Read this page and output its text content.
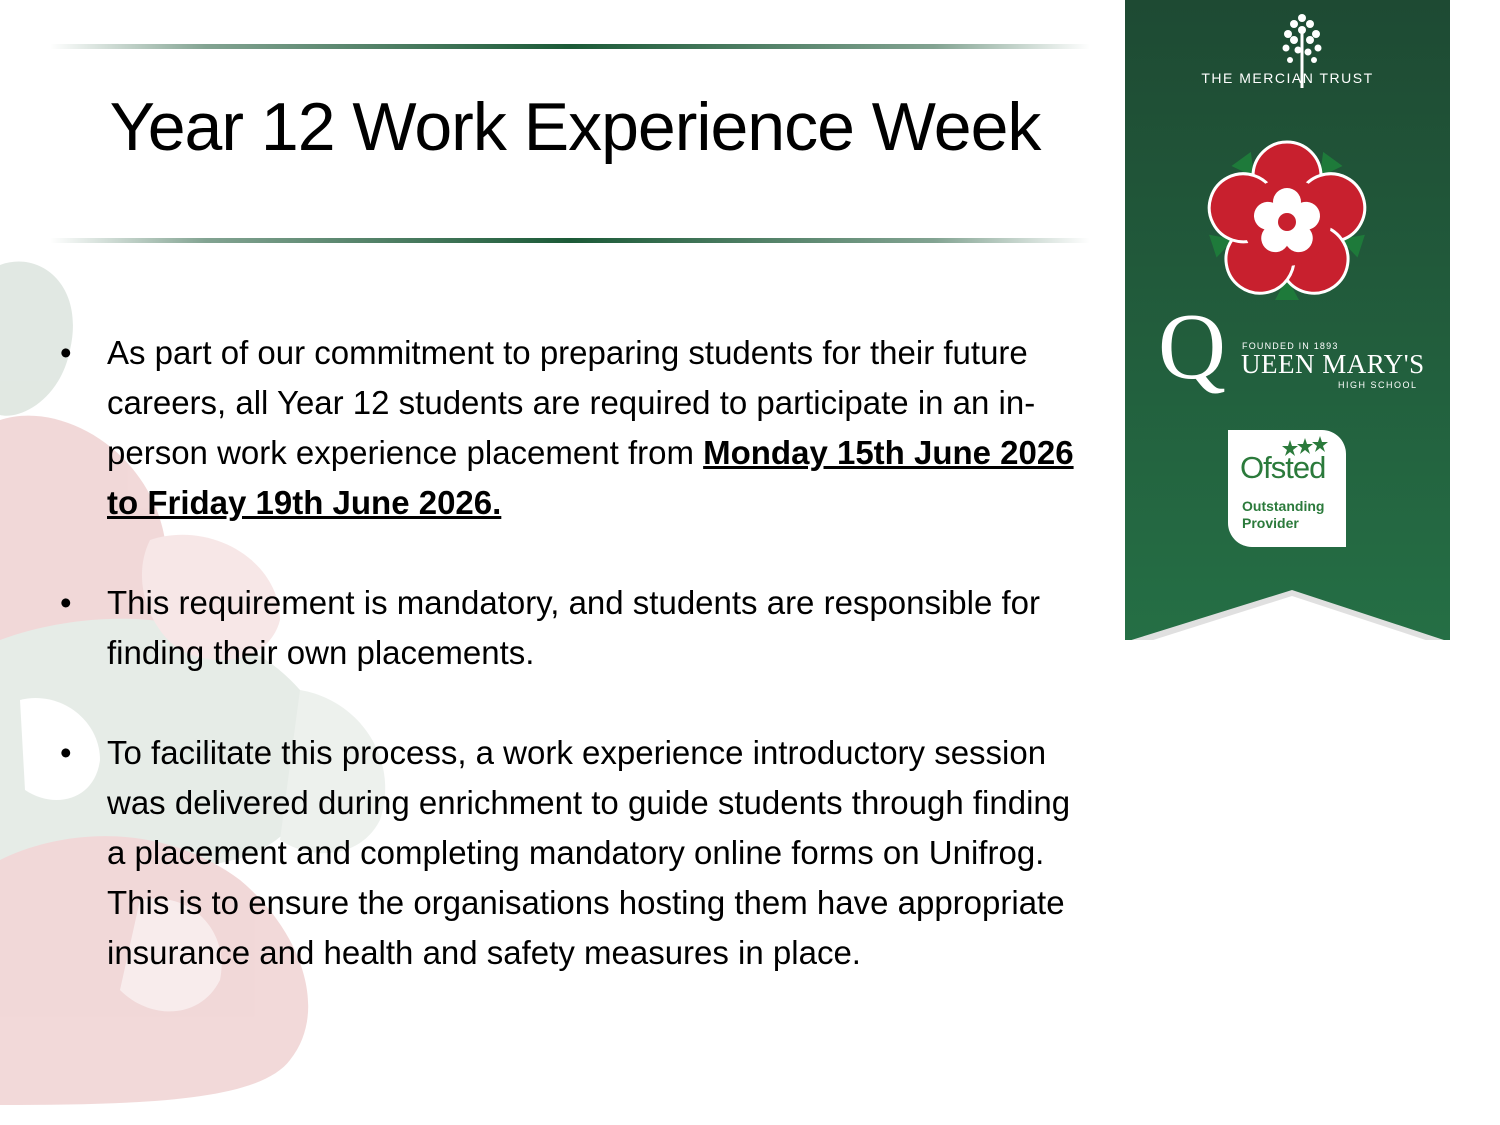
Year 12 Work Experience Week
• As part of our commitment to preparing students for their future careers, all Year 12 students are required to participate in an in-person work experience placement from Monday 15th June 2026 to Friday 19th June 2026.
• This requirement is mandatory, and students are responsible for finding their own placements.
• To facilitate this process, a work experience introductory session was delivered during enrichment to guide students through finding a placement and completing mandatory online forms on Unifrog. This is to ensure the organisations hosting them have appropriate insurance and health and safety measures in place.
THE MERCIAN TRUST
Q FOUNDED IN 1893
UEEN MARY'S
HIGH SCHOOL
Ofsted
Outstanding
Provider
